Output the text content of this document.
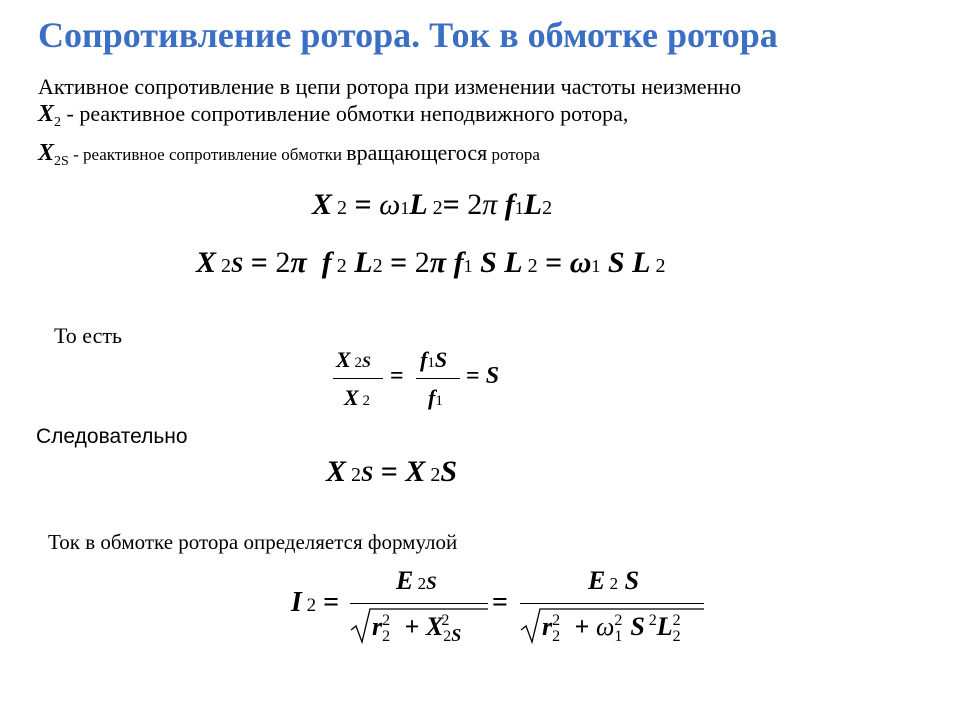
Сопротивление ротора. Ток в обмотке ротора
Активное сопротивление в цепи ротора при изменении частоты неизменно
$X_2$ - реактивное сопротивление обмотки неподвижного ротора,
$X_{2S}$ - реактивное сопротивление обмотки вращающегося ротора
X 2 = ω1L 2= 2π f1L2
X 2S = 2π f 2 L2 = 2π f1 S L 2 = ω1 S L 2
То есть
X 2S
X 2
=
f1S
f1
= S
Следовательно
X 2S = X 2S
Ток в обмотке ротора определяется формулой
I 2 =
E 2S
$r_2^2 + X_{2S}^2$
=
E 2 S
$r_2^2 + \omega_1^2$ S $^2L_2^2$
